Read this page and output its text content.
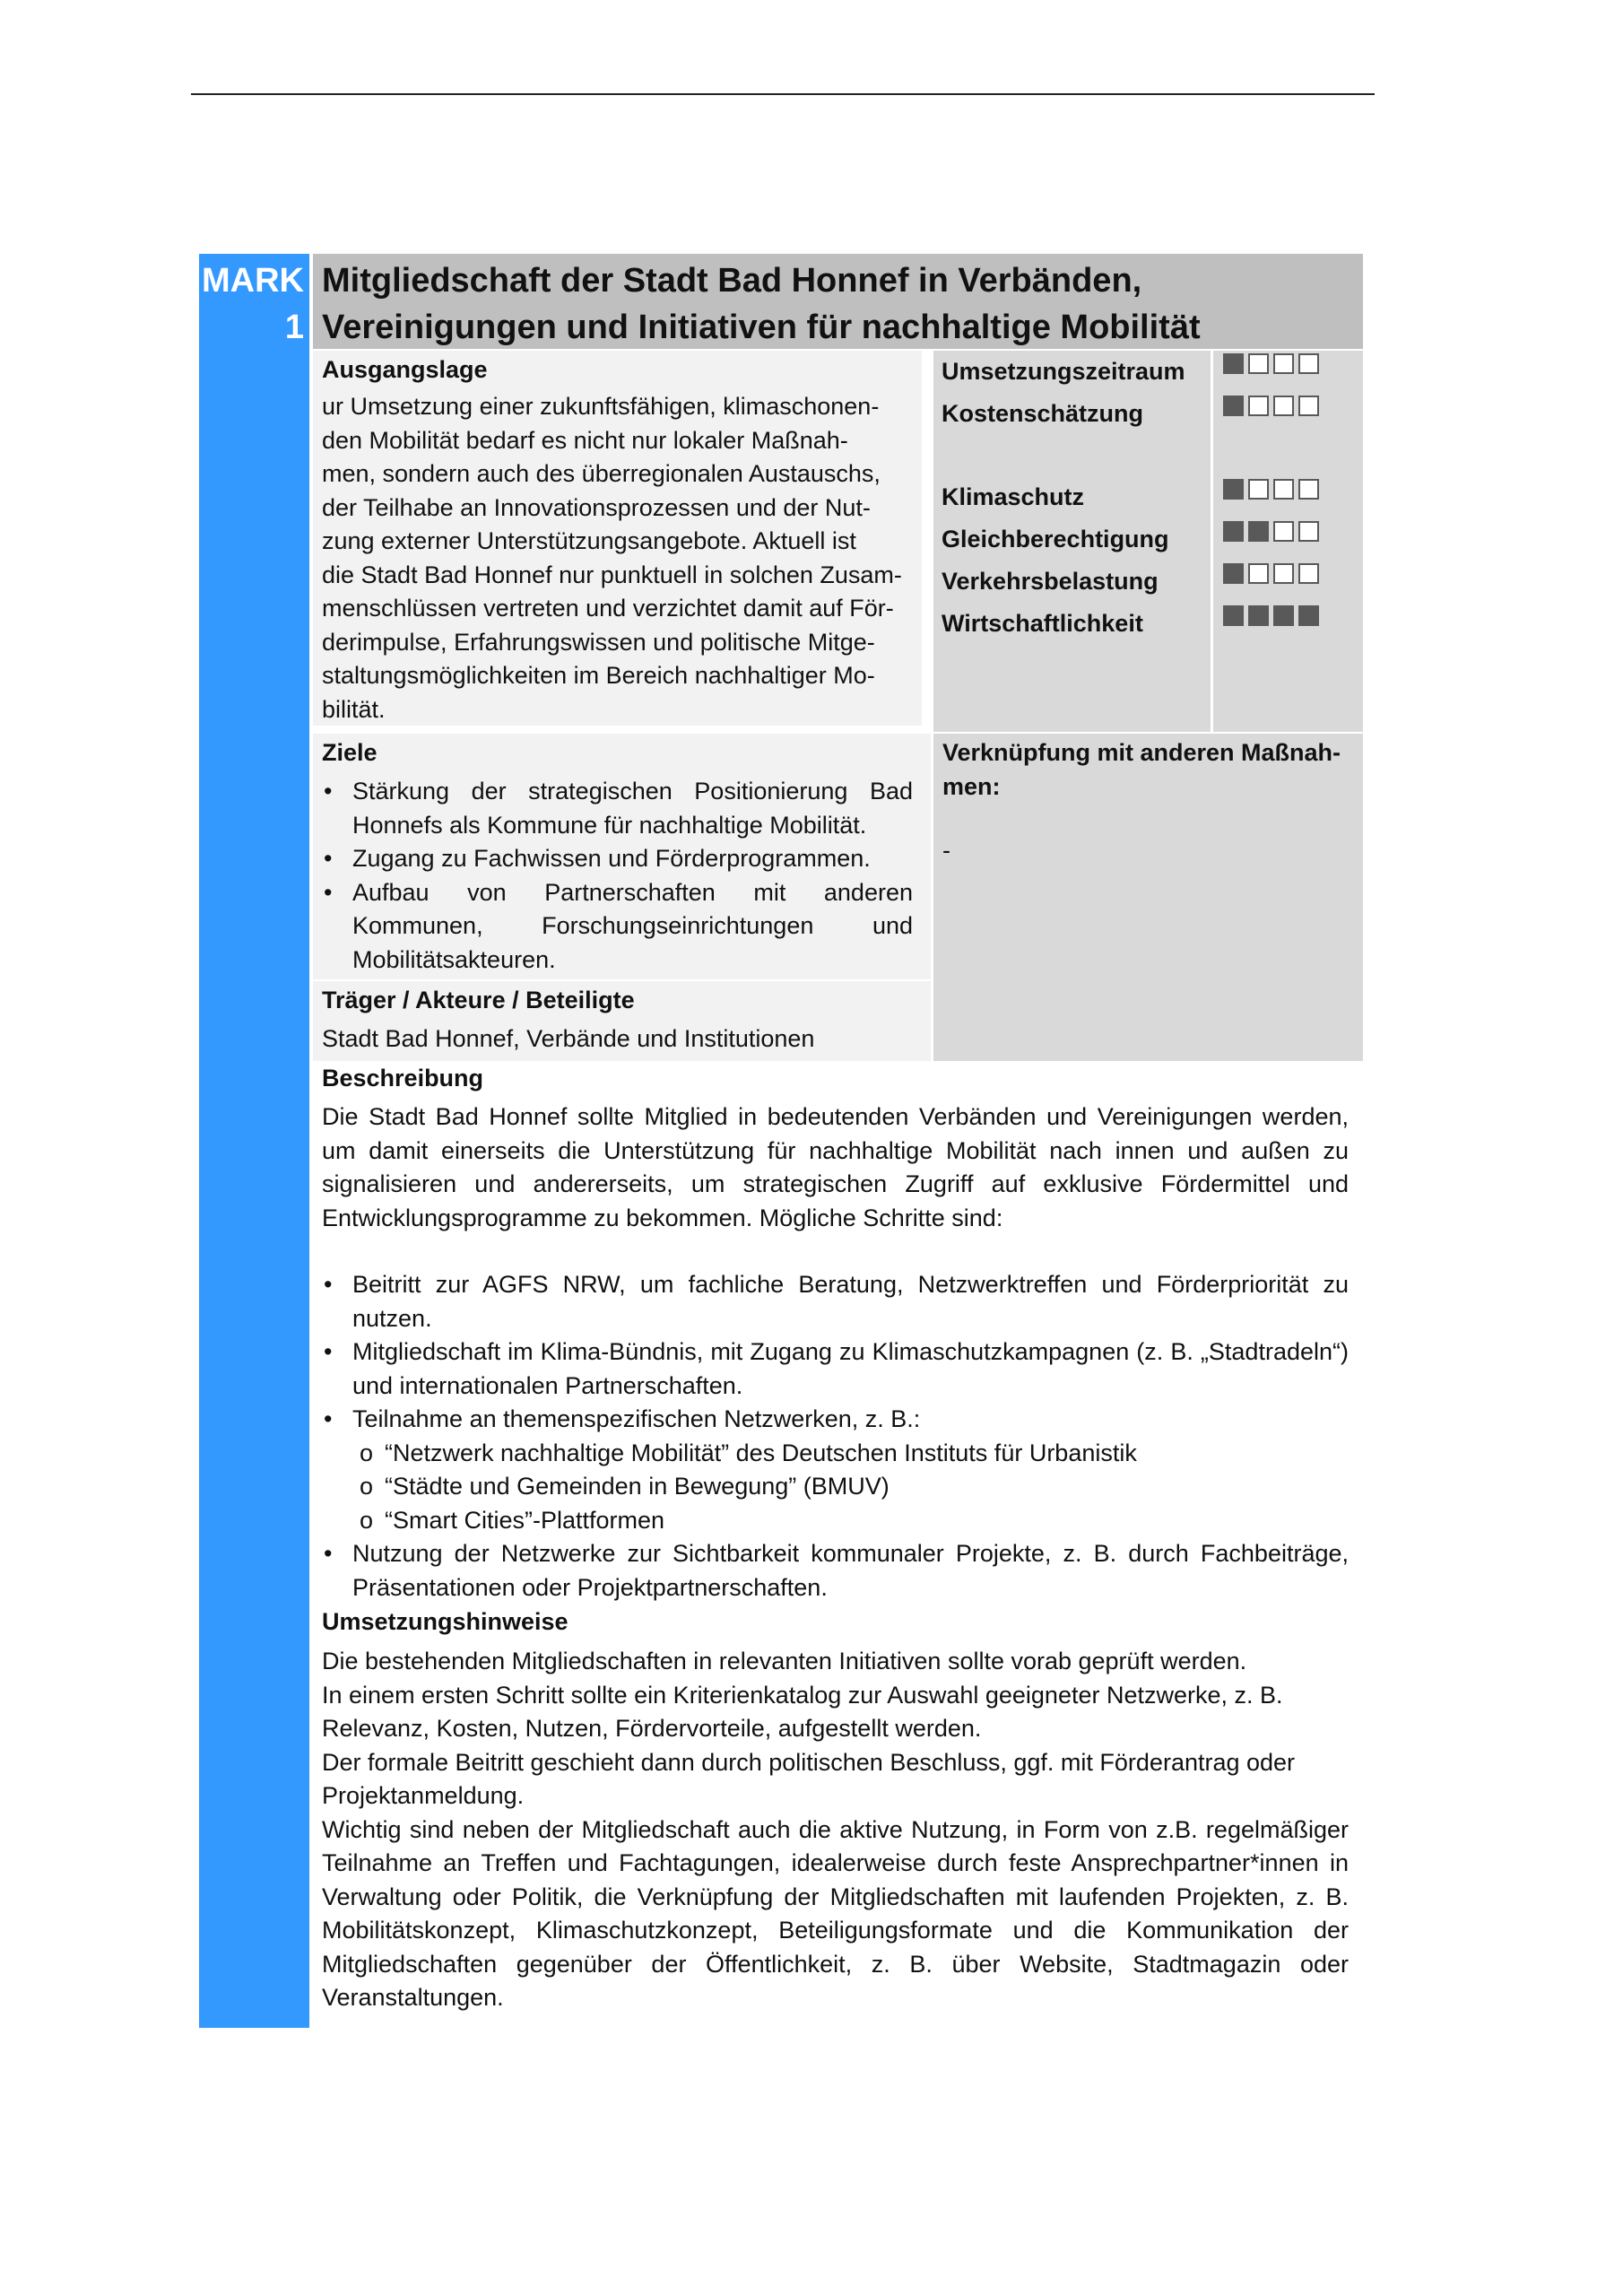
MARK 1
Mitgliedschaft der Stadt Bad Honnef in Verbänden,
Vereinigungen und Initiativen für nachhaltige Mobilität
Ausgangslage
ur Umsetzung einer zukunftsfähigen, klimaschonen-
den Mobilität bedarf es nicht nur lokaler Maßnah-
men, sondern auch des überregionalen Austauschs,
der Teilhabe an Innovationsprozessen und der Nut-
zung externer Unterstützungsangebote. Aktuell ist
die Stadt Bad Honnef nur punktuell in solchen Zusam-
menschlüssen vertreten und verzichtet damit auf För-
derimpulse, Erfahrungswissen und politische Mitge-
staltungsmöglichkeiten im Bereich nachhaltiger Mo-
bilität.
Umsetzungszeitraum
Kostenschätzung
Klimaschutz
Gleichberechtigung
Verkehrsbelastung
Wirtschaftlichkeit
Ziele
• Stärkung der strategischen Positionierung Bad Honnefs als Kommune für nachhaltige Mobilität.
• Zugang zu Fachwissen und Förderprogrammen.
• Aufbau von Partnerschaften mit anderen Kommunen, Forschungseinrichtungen und Mobilitätsakteuren.
Verknüpfung mit anderen Maßnah-
men:
-
Träger / Akteure / Beteiligte
Stadt Bad Honnef, Verbände und Institutionen
Beschreibung
Die Stadt Bad Honnef sollte Mitglied in bedeutenden Verbänden und Vereinigungen werden, um damit einerseits die Unterstützung für nachhaltige Mobilität nach innen und außen zu signalisieren und andererseits, um strategischen Zugriff auf exklusive Fördermittel und Entwicklungsprogramme zu bekommen. Mögliche Schritte sind:
• Beitritt zur AGFS NRW, um fachliche Beratung, Netzwerktreffen und Förderpriorität zu nutzen.
• Mitgliedschaft im Klima-Bündnis, mit Zugang zu Klimaschutzkampagnen (z. B. „Stadtradeln“) und internationalen Partnerschaften.
• Teilnahme an themenspezifischen Netzwerken, z. B.:
o “Netzwerk nachhaltige Mobilität” des Deutschen Instituts für Urbanistik
o “Städte und Gemeinden in Bewegung” (BMUV)
o “Smart Cities”-Plattformen
• Nutzung der Netzwerke zur Sichtbarkeit kommunaler Projekte, z. B. durch Fachbeiträge, Präsentationen oder Projektpartnerschaften.
Umsetzungshinweise
Die bestehenden Mitgliedschaften in relevanten Initiativen sollte vorab geprüft werden.
In einem ersten Schritt sollte ein Kriterienkatalog zur Auswahl geeigneter Netzwerke, z. B. Relevanz, Kosten, Nutzen, Fördervorteile, aufgestellt werden.
Der formale Beitritt geschieht dann durch politischen Beschluss, ggf. mit Förderantrag oder Projektanmeldung.
Wichtig sind neben der Mitgliedschaft auch die aktive Nutzung, in Form von z.B. regelmäßiger Teilnahme an Treffen und Fachtagungen, idealerweise durch feste Ansprechpartner*innen in Verwaltung oder Politik, die Verknüpfung der Mitgliedschaften mit laufenden Projekten, z. B. Mobilitätskonzept, Klimaschutzkonzept, Beteiligungsformate und die Kommunikation der Mitgliedschaften gegenüber der Öffentlichkeit, z. B. über Website, Stadtmagazin oder Veranstaltungen.
